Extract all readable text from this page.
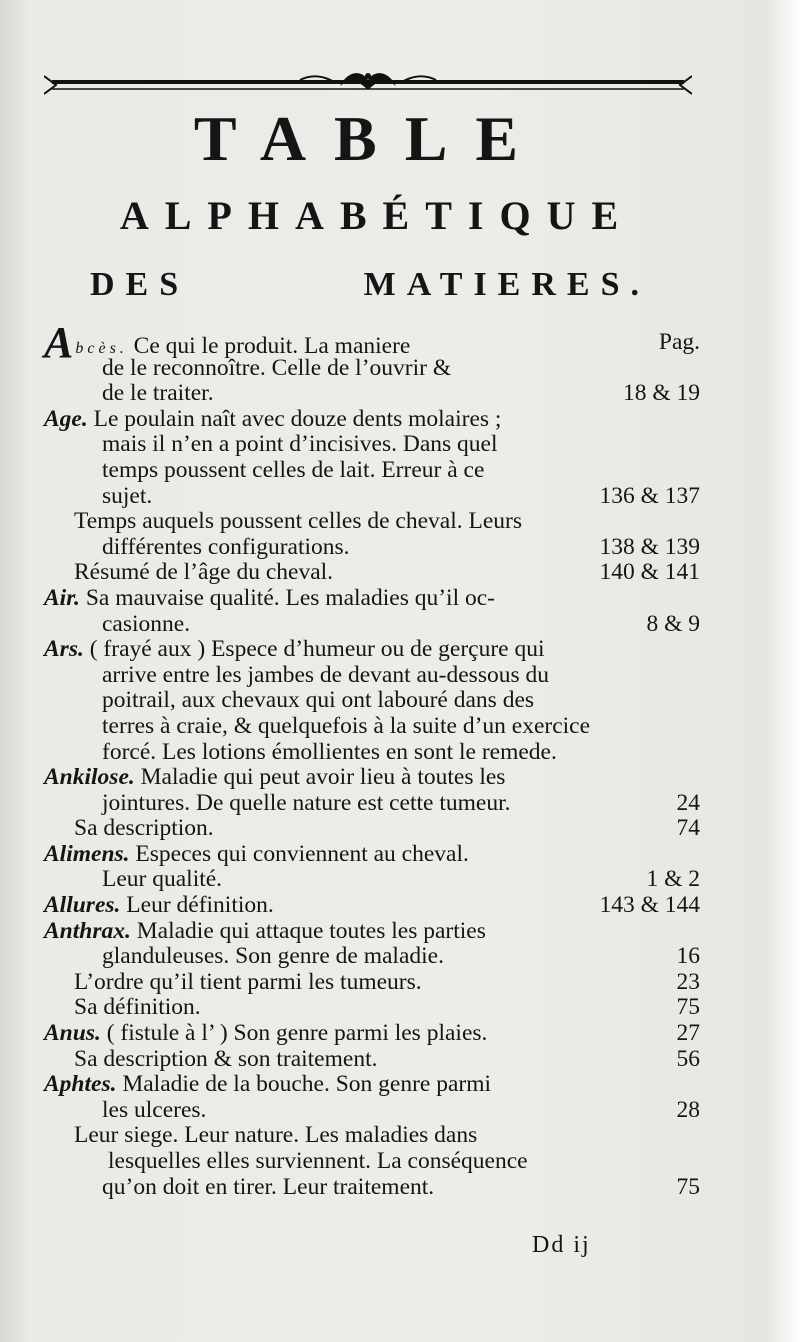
TABLE
ALPHABÉTIQUE
DES	MATIERES.
Abcès. Ce qui le produit. La maniere	Pag.
de le reconnoître. Celle de l’ouvrir &
de le traiter.	18 & 19
Age. Le poulain naît avec douze dents molaires ;
mais il n’en a point d’incisives. Dans quel
temps poussent celles de lait. Erreur à ce
sujet.	136 & 137
Temps auquels poussent celles de cheval. Leurs
différentes configurations.	138 & 139
Résumé de l’âge du cheval.	140 & 141
Air. Sa mauvaise qualité. Les maladies qu’il oc-
casionne.	8 & 9
Ars. ( frayé aux ) Espece d’humeur ou de gerçure qui
arrive entre les jambes de devant au-dessous du
poitrail, aux chevaux qui ont labouré dans des
terres à craie, & quelquefois à la suite d’un exercice
forcé. Les lotions émollientes en sont le remede.
Ankilose. Maladie qui peut avoir lieu à toutes les
jointures. De quelle nature est cette tumeur.	24
Sa description.	74
Alimens. Especes qui conviennent au cheval.
Leur qualité.	1 & 2
Allures. Leur définition.	143 & 144
Anthrax. Maladie qui attaque toutes les parties
glanduleuses. Son genre de maladie.	16
L’ordre qu’il tient parmi les tumeurs.	23
Sa définition.	75
Anus. ( fistule à l’ ) Son genre parmi les plaies.	27
Sa description & son traitement.	56
Aphtes. Maladie de la bouche. Son genre parmi
les ulceres.	28
Leur siege. Leur nature. Les maladies dans
lesquelles elles surviennent. La conséquence
qu’on doit en tirer. Leur traitement.	75
Dd ij
